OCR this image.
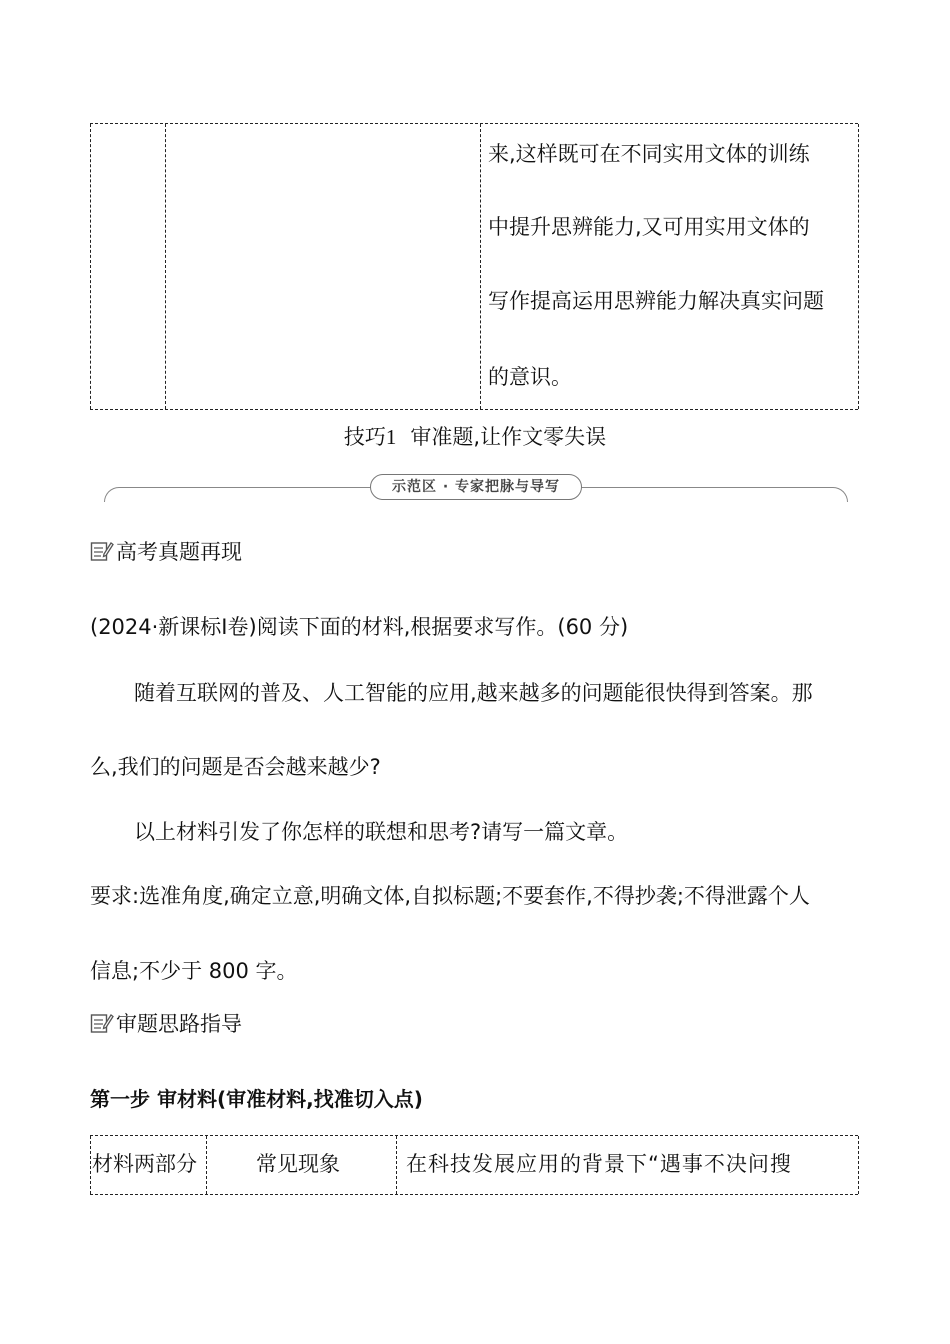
来,这样既可在不同实用文体的训练
中提升思辨能力,又可用实用文体的
写作提高运用思辨能力解决真实问题
的意识。
技巧1 审准题,让作文零失误
示范区 · 专家把脉与导写
高考真题再现
(2024·新课标Ⅰ卷)阅读下面的材料,根据要求写作。(60 分)
随着互联网的普及、人工智能的应用,越来越多的问题能很快得到答案。那
么,我们的问题是否会越来越少?
以上材料引发了你怎样的联想和思考?请写一篇文章。
要求:选准角度,确定立意,明确文体,自拟标题;不要套作,不得抄袭;不得泄露个人
信息;不少于 800 字。
审题思路指导
第一步 审材料(审准材料,找准切入点)
材料两部分	常见现象	在科技发展应用的背景下“遇事不决问搜
